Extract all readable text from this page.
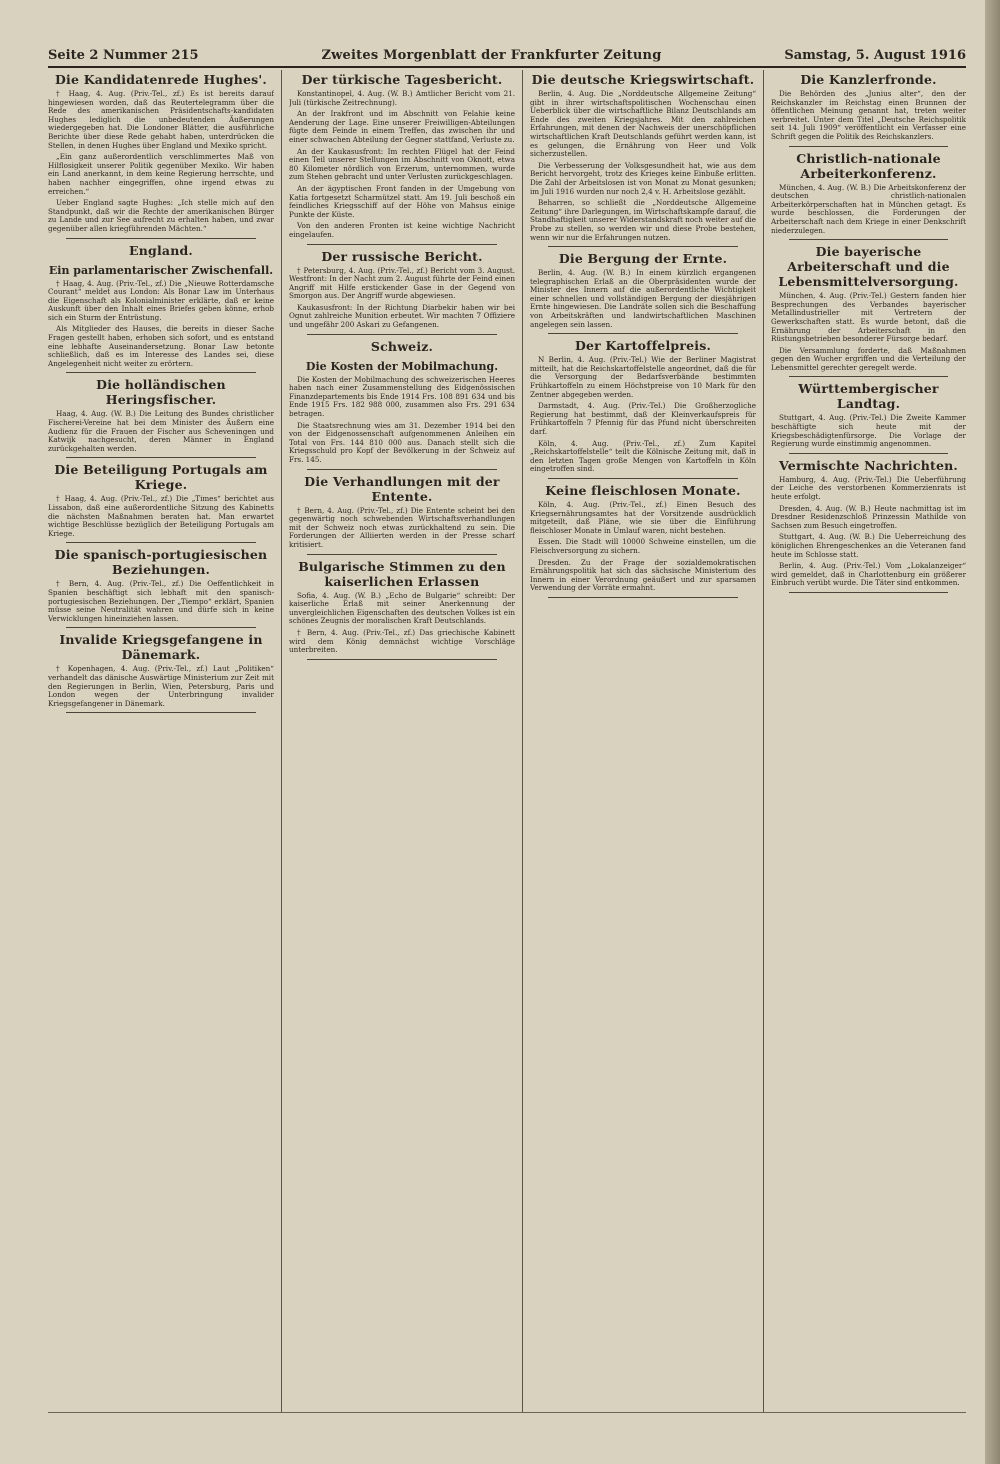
Seite 2 Nummer 215	Zweites Morgenblatt der Frankfurter Zeitung	Samstag, 5. August 1916
Die Kandidatenrede Hughes'.

† Haag, 4. Aug. (Priv.-Tel., zf.) Es ist bereits darauf hingewiesen worden, daß das Reutertelegramm über die Rede des amerikanischen Präsidentschafts-kandidaten Hughes lediglich die unbedeutenden Äußerungen wiedergegeben hat. Die Londoner Blätter, die ausführliche Berichte über diese Rede gehabt haben, unterdrücken die Stellen, in denen Hughes über England und Mexiko spricht.

„Ein ganz außerordentlich verschlimmertes Maß von Hilflosigkeit unserer Politik gegenüber Mexiko. Wir haben ein Land anerkannt, in dem keine Regierung herrschte, und haben nachher eingegriffen, ohne irgend etwas zu erreichen.“

Ueber England sagte Hughes: „Ich stelle mich auf den Standpunkt, daß wir die Rechte der amerikanischen Bürger zu Lande und zur See aufrecht zu erhalten haben, und zwar gegenüber allen kriegführenden Mächten.“

England.
Ein parlamentarischer Zwischenfall.

† Haag, 4. Aug. (Priv.-Tel., zf.) Die „Nieuwe Rotterdamsche Courant“ meldet aus London: Als Bonar Law im Unterhaus die Eigenschaft als Kolonialminister erklärte, daß er keine Auskunft über den Inhalt eines Briefes geben könne, erhob sich ein Sturm der Entrüstung.

Als Mitglieder des Hauses, die bereits in dieser Sache Fragen gestellt haben, erhoben sich sofort, und es entstand eine lebhafte Auseinandersetzung. Bonar Law betonte schließlich, daß es im Interesse des Landes sei, diese Angelegenheit nicht weiter zu erörtern.

Die holländischen Heringsfischer.

Haag, 4. Aug. (W. B.) Die Leitung des Bundes christlicher Fischerei-Vereine hat bei dem Minister des Äußern eine Audienz für die Frauen der Fischer aus Scheveningen und Katwijk nachgesucht, deren Männer in England zurückgehalten werden.

Die Beteiligung Portugals am Kriege.

† Haag, 4. Aug. (Priv.-Tel., zf.) Die „Times“ berichtet aus Lissabon, daß eine außerordentliche Sitzung des Kabinetts die nächsten Maßnahmen beraten hat. Man erwartet wichtige Beschlüsse bezüglich der Beteiligung Portugals am Kriege.

Die spanisch-portugiesischen Beziehungen.

† Bern, 4. Aug. (Priv.-Tel., zf.) Die Oeffentlichkeit in Spanien beschäftigt sich lebhaft mit den spanisch-portugiesischen Beziehungen. Der „Tiempo“ erklärt, Spanien müsse seine Neutralität wahren und dürfe sich in keine Verwicklungen hineinziehen lassen.

Invalide Kriegsgefangene in Dänemark.

† Kopenhagen, 4. Aug. (Priv.-Tel., zf.) Laut „Politiken“ verhandelt das dänische Auswärtige Ministerium zur Zeit mit den Regierungen in Berlin, Wien, Petersburg, Paris und London wegen der Unterbringung invalider Kriegsgefangener in Dänemark.

Der türkische Tagesbericht.

Konstantinopel, 4. Aug. (W. B.) Amtlicher Bericht vom 21. Juli (türkische Zeitrechnung).

An der Irakfront und im Abschnitt von Felahie keine Aenderung der Lage. Eine unserer Freiwilligen-Abteilungen fügte dem Feinde in einem Treffen, das zwischen ihr und einer schwachen Abteilung der Gegner stattfand, Verluste zu.

An der Kaukasusfront: Im rechten Flügel hat der Feind einen Teil unserer Stellungen im Abschnitt von Oknott, etwa 80 Kilometer nördlich von Erzerum, unternommen, wurde zum Stehen gebracht und unter Verlusten zurückgeschlagen.

An der ägyptischen Front fanden in der Umgebung von Katia fortgesetzt Scharmützel statt. Am 19. Juli beschoß ein feindliches Kriegsschiff auf der Höhe von Mahsus einige Punkte der Küste.

Von den anderen Fronten ist keine wichtige Nachricht eingelaufen.

Der russische Bericht.

† Petersburg, 4. Aug. (Priv.-Tel., zf.) Bericht vom 3. August. Westfront: In der Nacht zum 2. August führte der Feind einen Angriff mit Hilfe erstickender Gase in der Gegend von Smorgon aus. Der Angriff wurde abgewiesen.

Kaukasusfront: In der Richtung Diarbekir haben wir bei Ognut zahlreiche Munition erbeutet. Wir machten 7 Offiziere und ungefähr 200 Askari zu Gefangenen.

Schweiz.
Die Kosten der Mobilmachung.

Die Kosten der Mobilmachung des schweizerischen Heeres haben nach einer Zusammenstellung des Eidgenössischen Finanzdepartements bis Ende 1914 Frs. 108 891 634 und bis Ende 1915 Frs. 182 988 000, zusammen also Frs. 291 634 betragen.

Die Staatsrechnung wies am 31. Dezember 1914 bei den von der Eidgenossenschaft aufgenommenen Anleihen ein Total von Frs. 144 810 000 aus. Danach stellt sich die Kriegsschuld pro Kopf der Bevölkerung in der Schweiz auf Frs. 145.

Die Verhandlungen mit der Entente.

† Bern, 4. Aug. (Priv.-Tel., zf.) Die Entente scheint bei den gegenwärtig noch schwebenden Wirtschaftsverhandlungen mit der Schweiz noch etwas zurückhaltend zu sein. Die Forderungen der Alliierten werden in der Presse scharf kritisiert.

Bulgarische Stimmen zu den kaiserlichen Erlassen

Sofia, 4. Aug. (W. B.) „Echo de Bulgarie“ schreibt: Der kaiserliche Erlaß mit seiner Anerkennung der unvergleichlichen Eigenschaften des deutschen Volkes ist ein schönes Zeugnis der moralischen Kraft Deutschlands.

† Bern, 4. Aug. (Priv.-Tel., zf.) Das griechische Kabinett wird dem König demnächst wichtige Vorschläge unterbreiten.

Die deutsche Kriegswirtschaft.

Berlin, 4. Aug. Die „Norddeutsche Allgemeine Zeitung“ gibt in ihrer wirtschaftspolitischen Wochenschau einen Ueberblick über die wirtschaftliche Bilanz Deutschlands am Ende des zweiten Kriegsjahres. Mit den zahlreichen Erfahrungen, mit denen der Nachweis der unerschöpflichen wirtschaftlichen Kraft Deutschlands geführt werden kann, ist es gelungen, die Ernährung von Heer und Volk sicherzustellen.

Die Verbesserung der Volksgesundheit hat, wie aus dem Bericht hervorgeht, trotz des Krieges keine Einbuße erlitten. Die Zahl der Arbeitslosen ist von Monat zu Monat gesunken; im Juli 1916 wurden nur noch 2,4 v. H. Arbeitslose gezählt.

Beharren, so schließt die „Norddeutsche Allgemeine Zeitung“ ihre Darlegungen, im Wirtschaftskampfe darauf, die Standhaftigkeit unserer Widerstandskraft noch weiter auf die Probe zu stellen, so werden wir und diese Probe bestehen, wenn wir nur die Erfahrungen nutzen.

Die Bergung der Ernte.

Berlin, 4. Aug. (W. B.) In einem kürzlich ergangenen telegraphischen Erlaß an die Oberpräsidenten wurde der Minister des Innern auf die außerordentliche Wichtigkeit einer schnellen und vollständigen Bergung der diesjährigen Ernte hingewiesen. Die Landräte sollen sich die Beschaffung von Arbeitskräften und landwirtschaftlichen Maschinen angelegen sein lassen.

Der Kartoffelpreis.

N Berlin, 4. Aug. (Priv.-Tel.) Wie der Berliner Magistrat mitteilt, hat die Reichskartoffelstelle angeordnet, daß die für die Versorgung der Bedarfsverbände bestimmten Frühkartoffeln zu einem Höchstpreise von 10 Mark für den Zentner abgegeben werden.

Darmstadt, 4. Aug. (Priv.-Tel.) Die Großherzogliche Regierung hat bestimmt, daß der Kleinverkaufspreis für Frühkartoffeln 7 Pfennig für das Pfund nicht überschreiten darf.

Köln, 4. Aug. (Priv.-Tel., zf.) Zum Kapitel „Reichskartoffelstelle“ teilt die Kölnische Zeitung mit, daß in den letzten Tagen große Mengen von Kartoffeln in Köln eingetroffen sind.

Keine fleischlosen Monate.

Köln, 4. Aug. (Priv.-Tel., zf.) Einen Besuch des Kriegsernährungsamtes hat der Vorsitzende ausdrücklich mitgeteilt, daß Pläne, wie sie über die Einführung fleischloser Monate in Umlauf waren, nicht bestehen.

Essen. Die Stadt will 10000 Schweine einstellen, um die Fleischversorgung zu sichern.

Dresden. Zu der Frage der sozialdemokratischen Ernährungspolitik hat sich das sächsische Ministerium des Innern in einer Verordnung geäußert und zur sparsamen Verwendung der Vorräte ermahnt.

Die Kanzlerfronde.

Die Behörden des „Junius alter“, den der Reichskanzler im Reichstag einen Brunnen der öffentlichen Meinung genannt hat, treten weiter verbreitet. Unter dem Titel „Deutsche Reichspolitik seit 14. Juli 1909“ veröffentlicht ein Verfasser eine Schrift gegen die Politik des Reichskanzlers.

Christlich-nationale Arbeiterkonferenz.

München, 4. Aug. (W. B.) Die Arbeitskonferenz der deutschen christlich-nationalen Arbeiterkörperschaften hat in München getagt. Es wurde beschlossen, die Forderungen der Arbeiterschaft nach dem Kriege in einer Denkschrift niederzulegen.

Die bayerische Arbeiterschaft und die Lebensmittelversorgung.

München, 4. Aug. (Priv.-Tel.) Gestern fanden hier Besprechungen des Verbandes bayerischer Metallindustrieller mit Vertretern der Gewerkschaften statt. Es wurde betont, daß die Ernährung der Arbeiterschaft in den Rüstungsbetrieben besonderer Fürsorge bedarf.

Die Versammlung forderte, daß Maßnahmen gegen den Wucher ergriffen und die Verteilung der Lebensmittel gerechter geregelt werde.

Württembergischer Landtag.

Stuttgart, 4. Aug. (Priv.-Tel.) Die Zweite Kammer beschäftigte sich heute mit der Kriegsbeschädigtenfürsorge. Die Vorlage der Regierung wurde einstimmig angenommen.

Vermischte Nachrichten.

Hamburg, 4. Aug. (Priv.-Tel.) Die Ueberführung der Leiche des verstorbenen Kommerzienrats ist heute erfolgt.

Dresden, 4. Aug. (W. B.) Heute nachmittag ist im Dresdner Residenzschloß Prinzessin Mathilde von Sachsen zum Besuch eingetroffen.

Stuttgart, 4. Aug. (W. B.) Die Ueberreichung des königlichen Ehrengeschenkes an die Veteranen fand heute im Schlosse statt.

Berlin, 4. Aug. (Priv.-Tel.) Vom „Lokalanzeiger“ wird gemeldet, daß in Charlottenburg ein größerer Einbruch verübt wurde. Die Täter sind entkommen.
